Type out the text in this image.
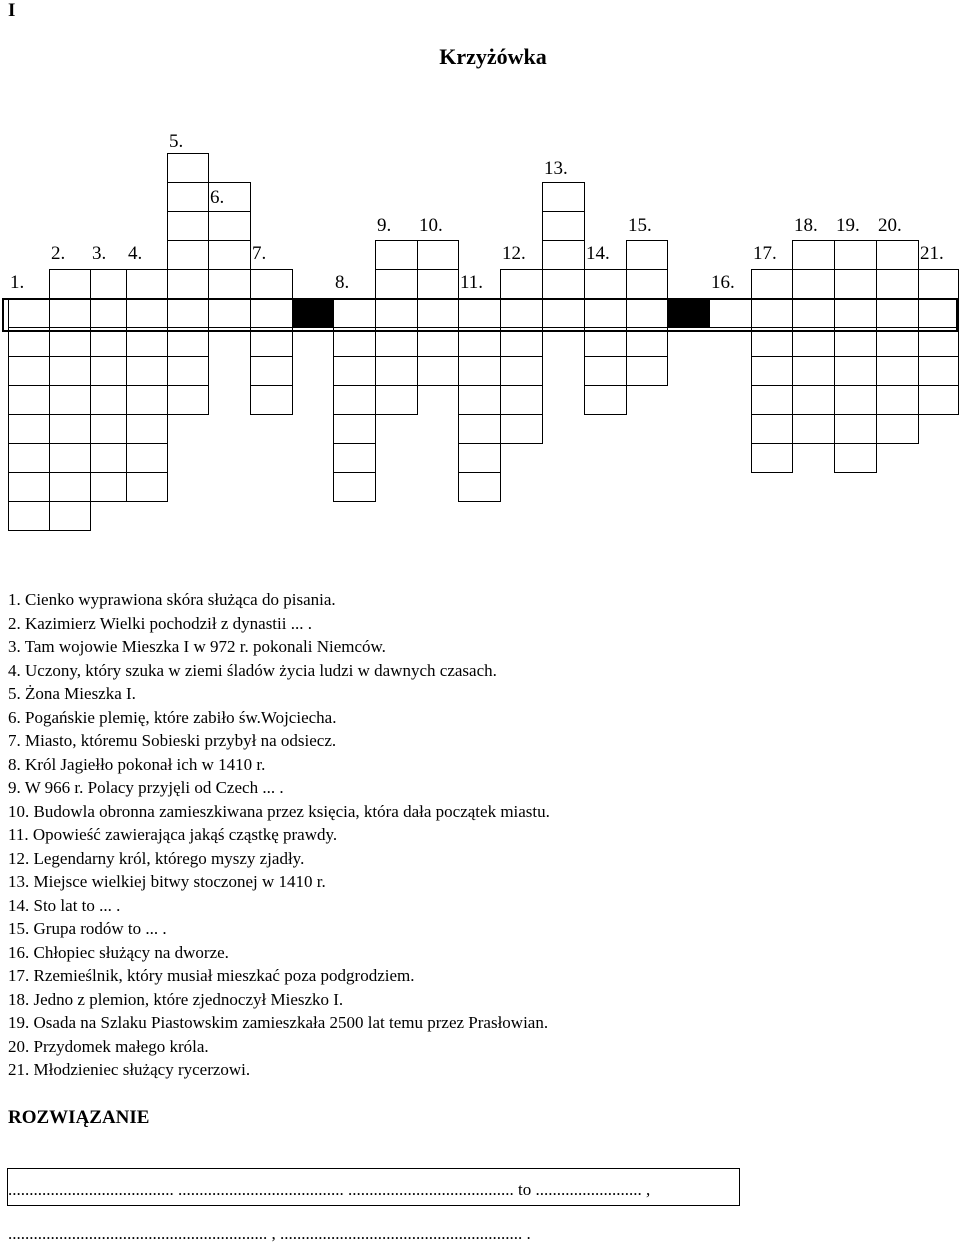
I
Krzyżówka
1.
2. 3. 4.
5.
6.
7.
8.
9. 10.
11.
12.
13.
14.
15.
16.
17.
18. 19. 20.
21.
1. Cienko wyprawiona skóra służąca do pisania.
2. Kazimierz Wielki pochodził z dynastii ... .
3. Tam wojowie Mieszka I w 972 r. pokonali Niemców.
4. Uczony, który szuka w ziemi śladów życia ludzi w dawnych czasach.
5. Żona Mieszka I.
6. Pogańskie plemię, które zabiło św.Wojciecha.
7. Miasto, któremu Sobieski przybył na odsiecz.
8. Król Jagiełło pokonał ich w 1410 r.
9. W 966 r. Polacy przyjęli od Czech ... .
10. Budowla obronna zamieszkiwana przez księcia, która dała początek miastu.
11. Opowieść zawierająca jakąś cząstkę prawdy.
12. Legendarny król, którego myszy zjadły.
13. Miejsce wielkiej bitwy stoczonej w 1410 r.
14. Sto lat to ... .
15. Grupa rodów to ... .
16. Chłopiec służący na dworze.
17. Rzemieślnik, który musiał mieszkać poza podgrodziem.
18. Jedno z plemion, które zjednoczył Mieszko I.
19. Osada na Szlaku Piastowskim zamieszkała 2500 lat temu przez Prasłowian.
20. Przydomek małego króla.
21. Młodzieniec służący rycerzowi.
ROZWIĄZANIE
....................................... ....................................... ....................................... to ......................... ,
............................................................. , ......................................................... .
